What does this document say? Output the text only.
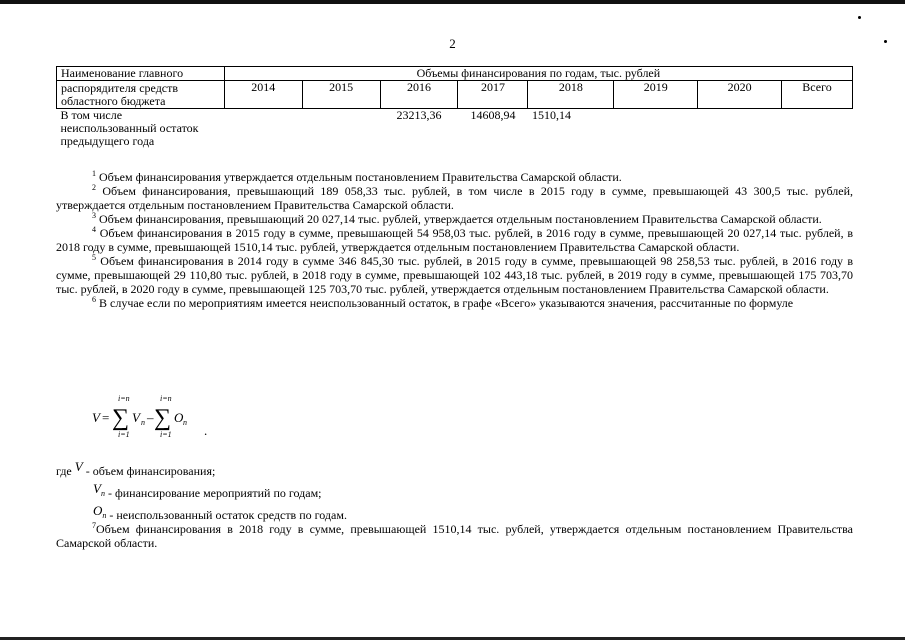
2
Наименование главного	Объемы финансирования по годам, тыс. рублей							

распорядителя средств
областного бюджета	2014	2015	2016	2017	2018	2019	2020	Всего

В том числе
неиспользованный остаток
предыдущего года			23213,36	14608,94	1510,14			

$^1$ Объем финансирования утверждается отдельным постановлением Правительства Самарской области.

$^2$ Объем финансирования, превышающий 189 058,33 тыс. рублей, в том числе в 2015 году в сумме, превышающей 43 300,5 тыс. рублей, утверждается отдельным постановлением Правительства Самарской области.

$^3$ Объем финансирования, превышающий 20 027,14 тыс. рублей, утверждается отдельным постановлением Правительства Самарской области.

$^4$ Объем финансирования в 2015 году в сумме, превышающей 54 958,03 тыс. рублей, в 2016 году в сумме, превышающей 20 027,14 тыс. рублей, в 2018 году в сумме, превышающей 1510,14 тыс. рублей, утверждается отдельным постановлением Правительства Самарской области.

$^5$ Объем финансирования в 2014 году в сумме 346 845,30 тыс. рублей, в 2015 году в сумме, превышающей 98 258,53 тыс. рублей, в 2016 году в сумме, превышающей 29 110,80 тыс. рублей, в 2018 году в сумме, превышающей 102 443,18 тыс. рублей, в 2019 году в сумме, превышающей 175 703,70 тыс. рублей, в 2020 году в сумме, превышающей 125 703,70 тыс. рублей, утверждается отдельным постановлением Правительства Самарской области.

$^6$ В случае если по мероприятиям имеется неиспользованный остаток, в графе «Всего» указываются значения, рассчитанные по формуле

V =
i=n
∑
i=1
V n –
i=n
∑
i=1
O n
.
где V - объем финансирования;
$V_n$ - финансирование мероприятий по годам;
$O_n$ - неиспользованный остаток средств по годам.

$^7$Объем финансирования в 2018 году в сумме, превышающей 1510,14 тыс. рублей, утверждается отдельным постановлением Правительства Самарской области.
